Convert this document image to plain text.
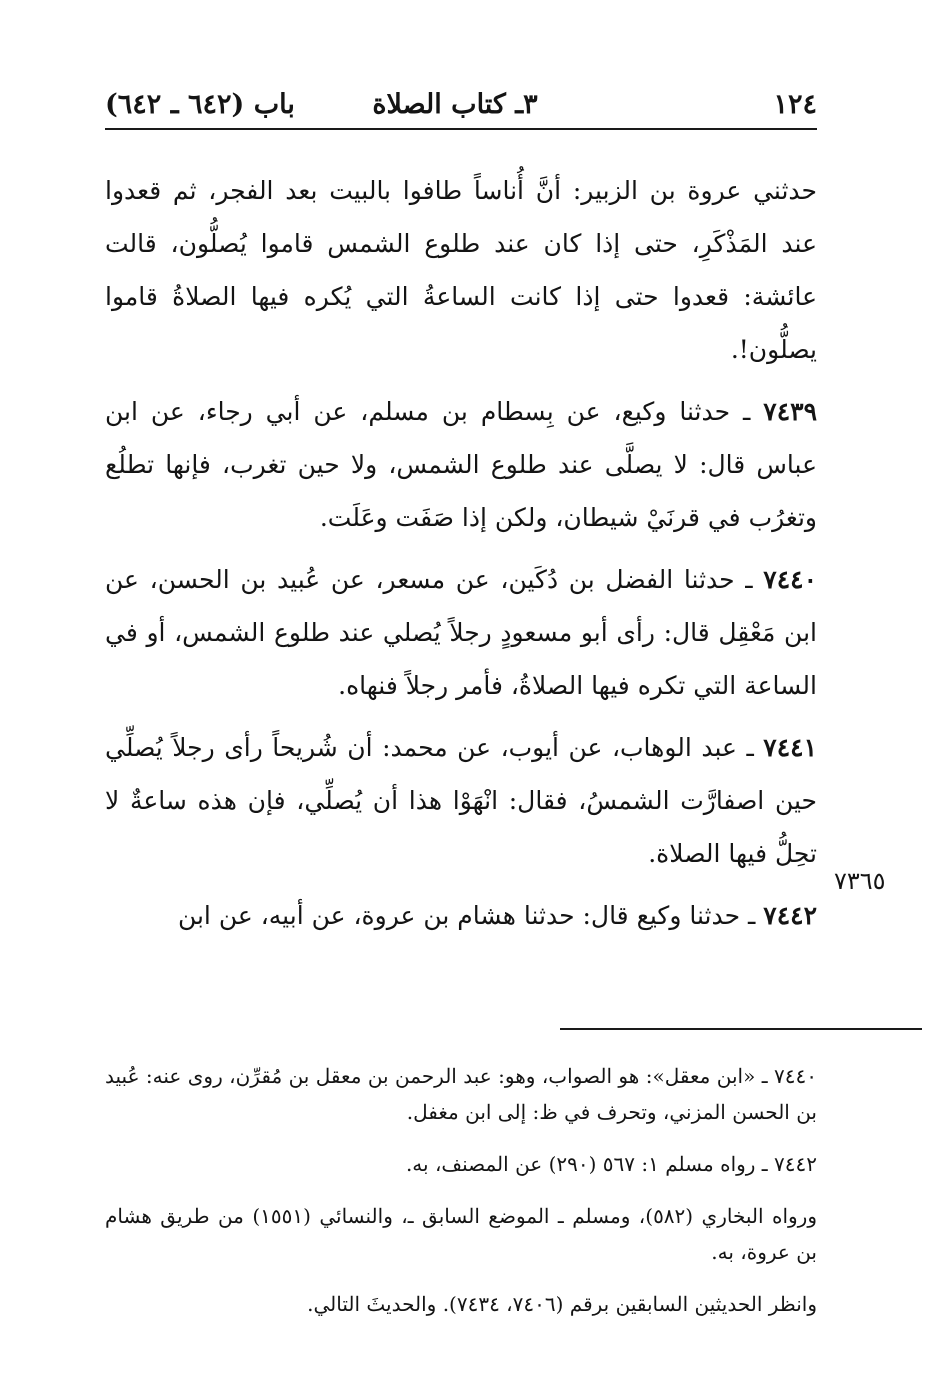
١٢٤
٣ـ كتاب الصلاة
باب (٦٤٢ ـ ٦٤٢)

حدثني عروة بن الزبير: أنَّ أُناساً طافوا بالبيت بعد الفجر، ثم قعدوا عند المَذْكَرِ، حتى إذا كان عند طلوع الشمس قاموا يُصلُّون، قالت عائشة: قعدوا حتى إذا كانت الساعةُ التي يُكره فيها الصلاةُ قاموا يصلُّون!.

٧٤٣٩ ـ حدثنا وكيع، عن بِسطام بن مسلم، عن أبي رجاء، عن ابن عباس قال: لا يصلَّى عند طلوع الشمس، ولا حين تغرب، فإنها تطلُع وتغرُب في قرنَيْ شيطان، ولكن إذا صَفَت وعَلَت.

٧٤٤٠ ـ حدثنا الفضل بن دُكَين، عن مسعر، عن عُبيد بن الحسن، عن ابن مَعْقِل قال: رأى أبو مسعودٍ رجلاً يُصلي عند طلوع الشمس، أو في الساعة التي تكره فيها الصلاةُ، فأمر رجلاً فنهاه.

٧٤٤١ ـ عبد الوهاب، عن أيوب، عن محمد: أن شُريحاً رأى رجلاً يُصلِّي حين اصفارَّت الشمسُ، فقال: انْهَوْا هذا أن يُصلِّي، فإن هذه ساعةٌ لا تحِلُّ فيها الصلاة.

٧٤٤٢ ـ حدثنا وكيع قال: حدثنا هشام بن عروة، عن أبيه، عن ابن

٧٤٤٠ ـ «ابن معقل»: هو الصواب، وهو: عبد الرحمن بن معقل بن مُقرِّن، روى عنه: عُبيد بن الحسن المزني، وتحرف في ظ: إلى ابن مغفل.

٧٤٤٢ ـ رواه مسلم ١: ٥٦٧ (٢٩٠) عن المصنف، به.

ورواه البخاري (٥٨٢)، ومسلم ـ الموضع السابق ـ، والنسائي (١٥٥١) من طريق هشام بن عروة، به.

وانظر الحديثين السابقين برقم (٧٤٠٦، ٧٤٣٤). والحديثَ التالي.

٧٣٦٥
